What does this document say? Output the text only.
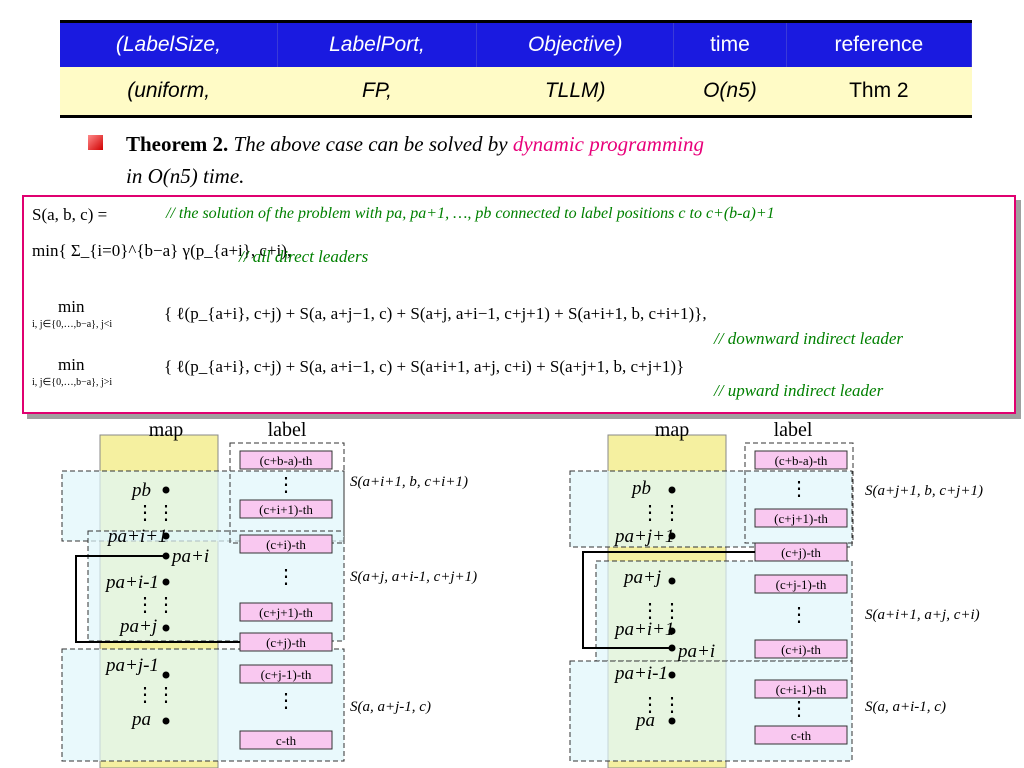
(LabelSize,	LabelPort,	Objective)	time	reference
(uniform,	FP,	TLLM)	O(n5)	Thm 2
Theorem 2. The above case can be solved by dynamic programming
in O(n5) time.
S(a, b, c) =	// the solution of the problem with pa, pa+1, …, pb connected to label positions c to c+(b-a)+1
min{ Σ_{i=0}^{b−a} γ(p_{a+i}, c+i),
// all direct leaders
min
i, j∈{0,…,b−a}, j<i
{ ℓ(p_{a+i}, c+j) + S(a, a+j−1, c) + S(a+j, a+i−1, c+j+1) + S(a+i+1, b, c+i+1)},
// downward indirect leader
min
i, j∈{0,…,b−a}, j>i
{ ℓ(p_{a+i}, c+j) + S(a, a+i−1, c) + S(a+i+1, a+j, c+i) + S(a+j+1, b, c+j+1)}
// upward indirect leader
map	label
(c+b-a)-th
(c+i+1)-th
(c+i)-th
(c+j+1)-th
(c+j)-th
(c+j-1)-th
c-th
⋮
⋮
⋮
⋮
⋮
⋮
⋮
⋮
⋮
pb
pa+i+1
pa+i
pa+i-1
pa+j
pa+j-1
pa
S(a+i+1, b, c+i+1)
S(a+j, a+i-1, c+j+1)
S(a, a+j-1, c)
map	label
(c+b-a)-th
(c+j+1)-th
(c+j)-th
(c+j-1)-th
(c+i)-th
(c+i-1)-th
c-th
⋮
⋮
⋮
⋮
⋮
⋮
⋮
⋮
⋮
pb
pa+j+1
pa+j
pa+i+1
pa+i
pa+i-1
pa
S(a+j+1, b, c+j+1)
S(a+i+1, a+j, c+i)
S(a, a+i-1, c)
